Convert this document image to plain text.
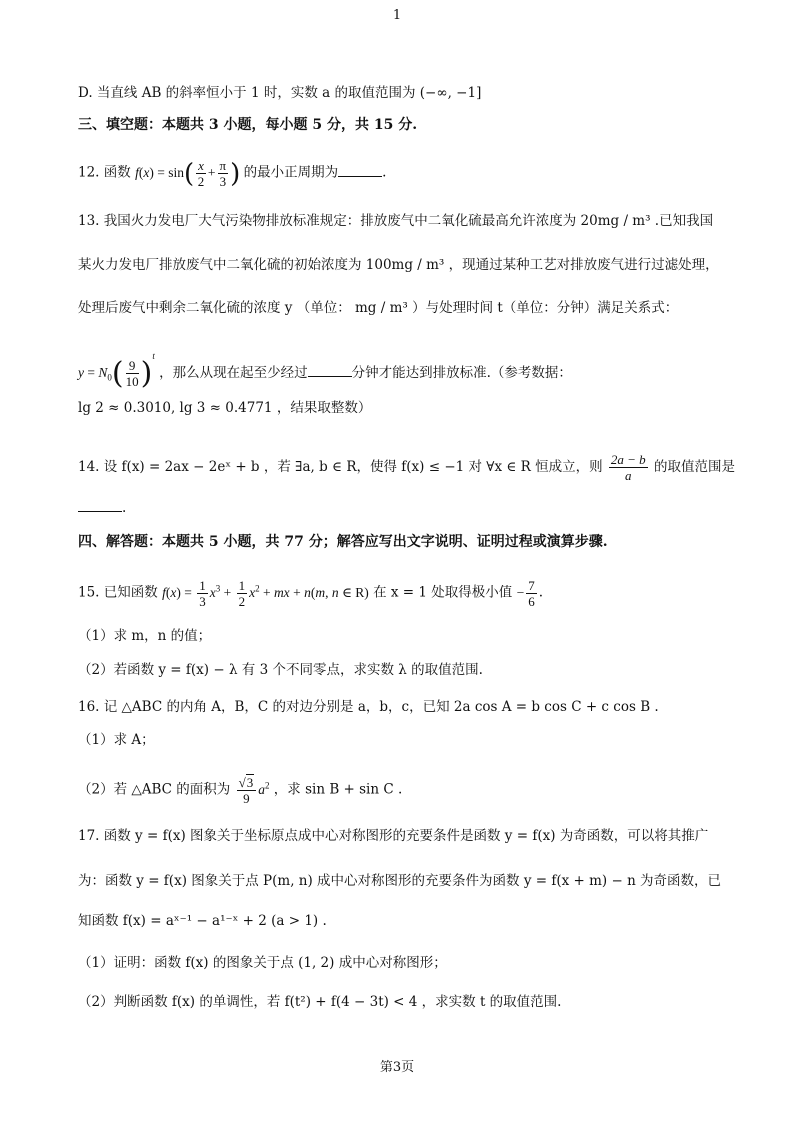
1
D. 当直线 AB 的斜率恒小于 1 时，实数 a 的取值范围为 (−∞, −1]
三、填空题：本题共 3 小题，每小题 5 分，共 15 分.
12. 函数 $f(x) = \sin( \frac{x}{2} + \frac{\pi}{3}$ ) 的最小正周期为	.
13. 我国火力发电厂大气污染物排放标准规定：排放废气中二氧化硫最高允许浓度为 20mg / m³ .已知我国
某火力发电厂排放废气中二氧化硫的初始浓度为 100mg / m³ ，现通过某种工艺对排放废气进行过滤处理，
处理后废气中剩余二氧化硫的浓度 y （单位： mg / m³ ）与处理时间 t（单位：分钟）满足关系式：
$y = N_0( \frac{9}{10} )^t$ ，那么从现在起至少经过	分钟才能达到排放标准.（参考数据：
lg 2 ≈ 0.3010, lg 3 ≈ 0.4771 ，结果取整数）
14. 设 f(x) = 2ax − 2eˣ + b ，若 ∃a, b ∈ R，使得 f(x) ≤ −1 对 ∀x ∈ R 恒成立，则 $\frac{2a - b}{a}$ 的取值范围是
.
四、解答题：本题共 5 小题，共 77 分；解答应写出文字说明、证明过程或演算步骤.
15. 已知函数 $f(x) = \frac{1}{3} x^3 + \frac{1}{2} x^2$ + mx + n(m, n ∈ R) 在 x = 1 处取得极小值 − $\frac{7}{6}$ .
（1）求 m，n 的值；
（2）若函数 y = f(x) − λ 有 3 个不同零点，求实数 λ 的取值范围.
16. 记 △ABC 的内角 A，B，C 的对边分别是 a，b，c，已知 2a cos A = b cos C + c cos B .
（1）求 A；
（2）若 △ABC 的面积为 $\frac{√3}{9} a^2$ ，求 sin B + sin C .
17. 函数 y = f(x) 图象关于坐标原点成中心对称图形的充要条件是函数 y = f(x) 为奇函数，可以将其推广
为：函数 y = f(x) 图象关于点 P(m, n) 成中心对称图形的充要条件为函数 y = f(x + m) − n 为奇函数，已
知函数 f(x) = aˣ⁻¹ − a¹⁻ˣ + 2 (a > 1) .
（1）证明：函数 f(x) 的图象关于点 (1, 2) 成中心对称图形；
（2）判断函数 f(x) 的单调性，若 f(t²) + f(4 − 3t) < 4 ，求实数 t 的取值范围.
第3页
